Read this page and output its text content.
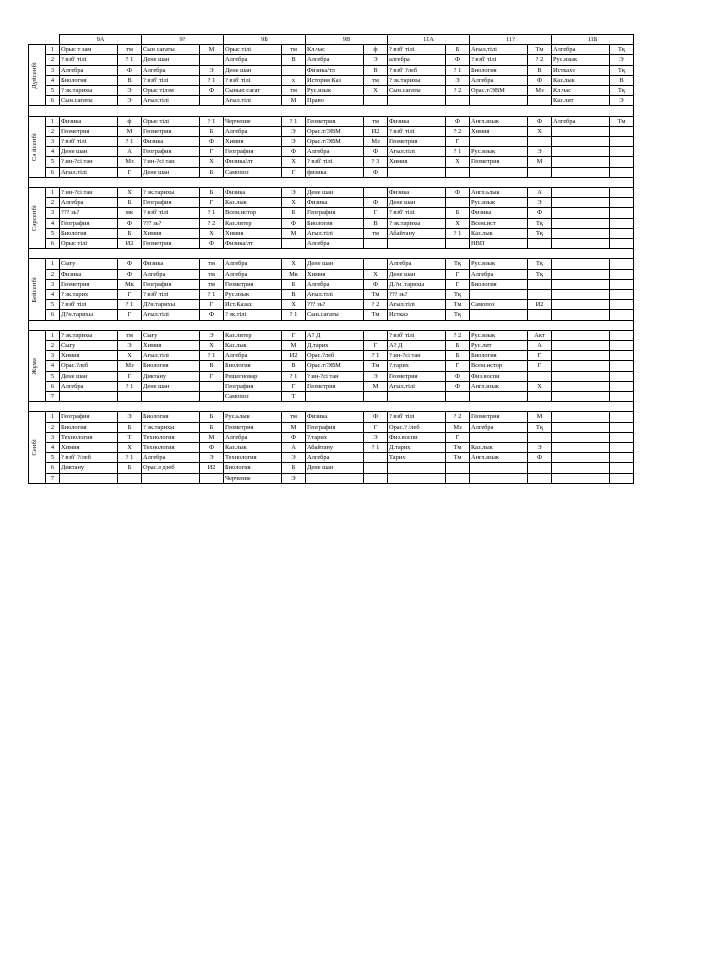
		9А		9?		9Б		9В		11А		11?		11Б	

Дүйсенбі	1	Орыс т зам	тм	Сын сағаты	М	Орыс тілі	тм	Кл.час	ф	? взб' тілі	Б	Ағыл.тілі	Тм	Алгебра	Тқ
	2	? взб' тілі	? 1	Дене шан		Алгебра	В	Алгебра	Э	алгебра	Ф	? взб' тілі	? 2	Рус.язык	Э
	3	Алгебра	Ф	Алгебра	Э	Дене шан		Физика/тл	В	? взб' ?леб	? 1	Биология	В	Исткахз	Тқ
	4	Биология	В	? взб' тілі	? 1	? взб' тілі	х	История Каз	тм	? зк.тарихы	Э	Алгебра	Ф	Каз.лык	В
	5	? зк.тарихы	Э	Орыс тілзм	Ф	Сынып сағат	тм	Рус.язык	Х	Сын.сағаты	? 2	Орас.т/ЭВМ	Мз	Кл.час	Тқ
	6	Сын.сағаты	Э	Ағыл.тілі		Ағыл.тілі	М	Право						Каз.лит	Э

Сә йсенбі	1	Физика	ф	Орыс тілі	? 1	Черчение	? 1	Геометрия	тм	Физика	Ф	Англ.язык	Ф	Алгебра	Тм
	2	Геометрия	М	Геометрия	Б	Алгебра	Э	Орас.т/ЭВМ	И2	? взб' тілі	? 2	Химия	Х		
	3	? взб' тілі	? 1	Физика	Ф	Химия	Э	Орас.т/ЭВМ	Мз	Геометрия	Г				
	4	Дене шан	А	География	Г	География	Ф	Алгебра	Ф	Ағыл.тілі	? 1	Рус.язык	Э		
	5	? ин-?сі тан	Мз	? ин-?сі тан	Х	Физика/лт	Х	? взб' тілі	? 3	Химия	Х	Геометрия	М		
	6	Ағыл.тілі	Г	Дене шан	Б	Самопоз	Г	физика	Ф						

Сәрсенбі	1	? ин-?сі тан	Х	? зк.тарихы	Б	Физика	Э	Дене шан		Физика	Ф	Англ.ьлык	А		
	2	Алгебра	Б	География	Г	Каз.лык	Х	Физика	Ф	Дене шан		Рус.язык	Э		
	3	??? зь?	мк	? взб' тілі	? 1	Всем.истор	Б	География	Г	? взб' тілі	Б	Физика	Ф		
	4	География	Ф	??? зь?	? 2	Каз.литер	Ф	Биология	В	? зк.тарихы	Х	Всем.ист	Тқ		
	5	Биология	Б	Химия	Х	Химия	М	Ағыл.тілі	тм	Абайтану	? 1	Каз.лык	Тқ		
	6	Орыс тілі	И2	Геометрия	Ф	Физика/лт		Алгебра				НВП			

Бейсенбі	1	Сығу	Ф	Физика	тм	Алгебра	Х	Дене шан		Алгебра	Тқ	Рус.язык	Тқ		
	2	Физика	Ф	Алгебра	тм	Алгебра	Мк	Химия	Х	Дене шан	Г	Алгебра	Тқ		
	3	Геометрия	Мк	География	тм	Геометрия	Б	Алгебра	Ф	Д.?н .тарихы	Г	Биология			
	4	? зк.тарих	Г	? взб' тілі	? 1	Рус.язык	В	Ағыл.тілі	Тм	??? зь?	Тқ				
	5	? взб' тілі	? 1	Д?н.тарихы	Г	Ист.Казах	Х	??? зь?	? 2	Ағыл.тілі	Тм	Самопоз	И2		
	6	Д?н.тарихы	Г	Ағыл.тілі	Ф	? зк.тілі	? 1	Сын.сағаты	Тм	Исткаэ	Тқ				

Жұма	1	? зк.тарихы	тм	Сығу	Э	Каз.литер	Г	А? Д		? взб' тілі	? 2	Рус.язык	Акт		
	2	Сығу	Э	Химия	Х	Каз.лык	М	Д.тарих	Г	А? Д	Б	Рус.лит	А		
	3	Химия	Х	Ағыл.тілі	? 1	Алгебра	И2	Орас.?леб	? 1	? ин-?сі тан	Б	Биология	Г		
	4	Орас.?леб	Мз	Биология	В	Биология	В	Орас.т/ЭВМ	Тм	?.тарих	Г	Всем.истор	Г		
	5	Дене шан	Г	Диктану	Г	Решегновар	? 1	? ин-?сі тан	Э	Геометрия	Ф	Физ.воспи			
	6	Алгебра	? 1	Дене шан		География	Г	Геометрия	М	Ағыл.тілі	Ф	Англ.язык	Х		
	7					Самопоз	Т								

Сенбі	1	География	Э	Биология	Б	Рус.ьлык	тм	Физика	Ф	? взб' тілі	? 2	Геометрия	М		
	2	Биология	Б	? зк.тарихы	Б	Геометрия	М	География	Г	Орас.? /леб	Мз	Алгебра	Тқ		
	3	Технология	Т	Технология	М	Алгебра	Ф	?.тарих	Э	Физ.воспи	Г				
	4	Химия	Х	Технология	Ф	Каз.лык	А	Абайтану	? 1	Д.тарих	Тм	Каз.лык	Э		
	5	? взб' ?/леб	? 1	Алгебра	Э	Технология	Э	Алгебра		Тарих	Тм	Англ.язык	Ф		
	6	Диктану	Б	Орас.ә дзеб	И2	Биология	Б	Дене шан							
	7					Черчение	Э								
